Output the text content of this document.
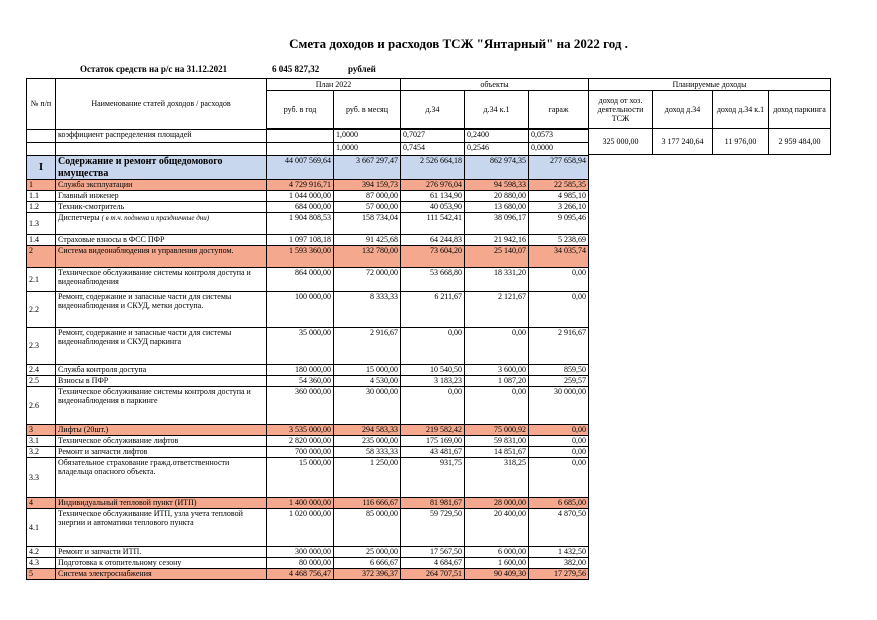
Смета доходов и расходов ТСЖ "Янтарный" на 2022 год .
Остаток средств на р/с на 31.12.2021	6 045 827,32	рублей
№ п/п	Наименование статей доходов / расходов	План 2022		объекты		
		руб. в год	руб. в месяц	д.34	д.34 к.1	гараж

	коэффициент распределения площадей		1,0000	0,7027	0,2400	0,0573
			1,0000	0,7454	0,2546	0,0000
I	Содержание и ремонт общедомового имущества	44 007 569,64	3 667 297,47	2 526 664,18	862 974,35	277 658,94
1	Служба эксплуатации	4 729 916,71	394 159,73	276 976,04	94 598,33	22 585,35
1.1	Главный инженер	1 044 000,00	87 000,00	61 134,90	20 880,00	4 985,10
1.2	Техник-смотритель	684 000,00	57 000,00	40 053,90	13 680,00	3 266,10
1.3	Диспетчеры ( в т.ч. подмена и праздничные дни)	1 904 808,53	158 734,04	111 542,41	38 096,17	9 095,46
1.4	Страховые взносы в ФСС ПФР	1 097 108,18	91 425,68	64 244,83	21 942,16	5 238,69
2	Система видеонаблюдения и управления доступом.	1 593 360,00	132 780,00	73 604,20	25 140,07	34 035,74
2.1	Техническое обслуживание системы контроля доступа и видеонаблюдения	864 000,00	72 000,00	53 668,80	18 331,20	0,00
2.2	Ремонт, содержание и запасные части для системы видеонаблюдения и СКУД, метки доступа.	100 000,00	8 333,33	6 211,67	2 121,67	0,00
2.3	Ремонт, содержание и запасные части для системы видеонаблюдения и СКУД паркинга	35 000,00	2 916,67	0,00	0,00	2 916,67
2.4	Служба контроля доступа	180 000,00	15 000,00	10 540,50	3 600,00	859,50
2.5	Взносы в ПФР	54 360,00	4 530,00	3 183,23	1 087,20	259,57
2.6	Техническое обслуживание системы контроля доступа и видеонаблюдения в паркинге	360 000,00	30 000,00	0,00	0,00	30 000,00
3	Лифты (20шт.)	3 535 000,00	294 583,33	219 582,42	75 000,92	0,00
3.1	Техническое обслуживание лифтов	2 820 000,00	235 000,00	175 169,00	59 831,00	0,00
3.2	Ремонт и запчасти лифтов	700 000,00	58 333,33	43 481,67	14 851,67	0,00
3.3	Обязательное страхование гражд.ответственности владельца опасного объекта.	15 000,00	1 250,00	931,75	318,25	0,00
4	Индивидуальный тепловой пункт (ИТП)	1 400 000,00	116 666,67	81 981,67	28 000,00	6 685,00
4.1	Техническое обслуживание ИТП, узла учета тепловой энергии и автоматики теплового пункта	1 020 000,00	85 000,00	59 729,50	20 400,00	4 870,50
4.2	Ремонт и запчасти ИТП.	300 000,00	25 000,00	17 567,50	6 000,00	1 432,50
4.3	Подготовка к отопительному сезону	80 000,00	6 666,67	4 684,67	1 600,00	382,00
5	Система электроснабжения	4 468 756,47	372 396,37	264 707,51	90 409,30	17 279,56
Планируемые доходы			
доход от хоз. деятельности ТСЖ	доход д.34	доход д.34 к.1	доход паркинга
325 000,00	3 177 240,64	11 976,00	2 959 484,00
